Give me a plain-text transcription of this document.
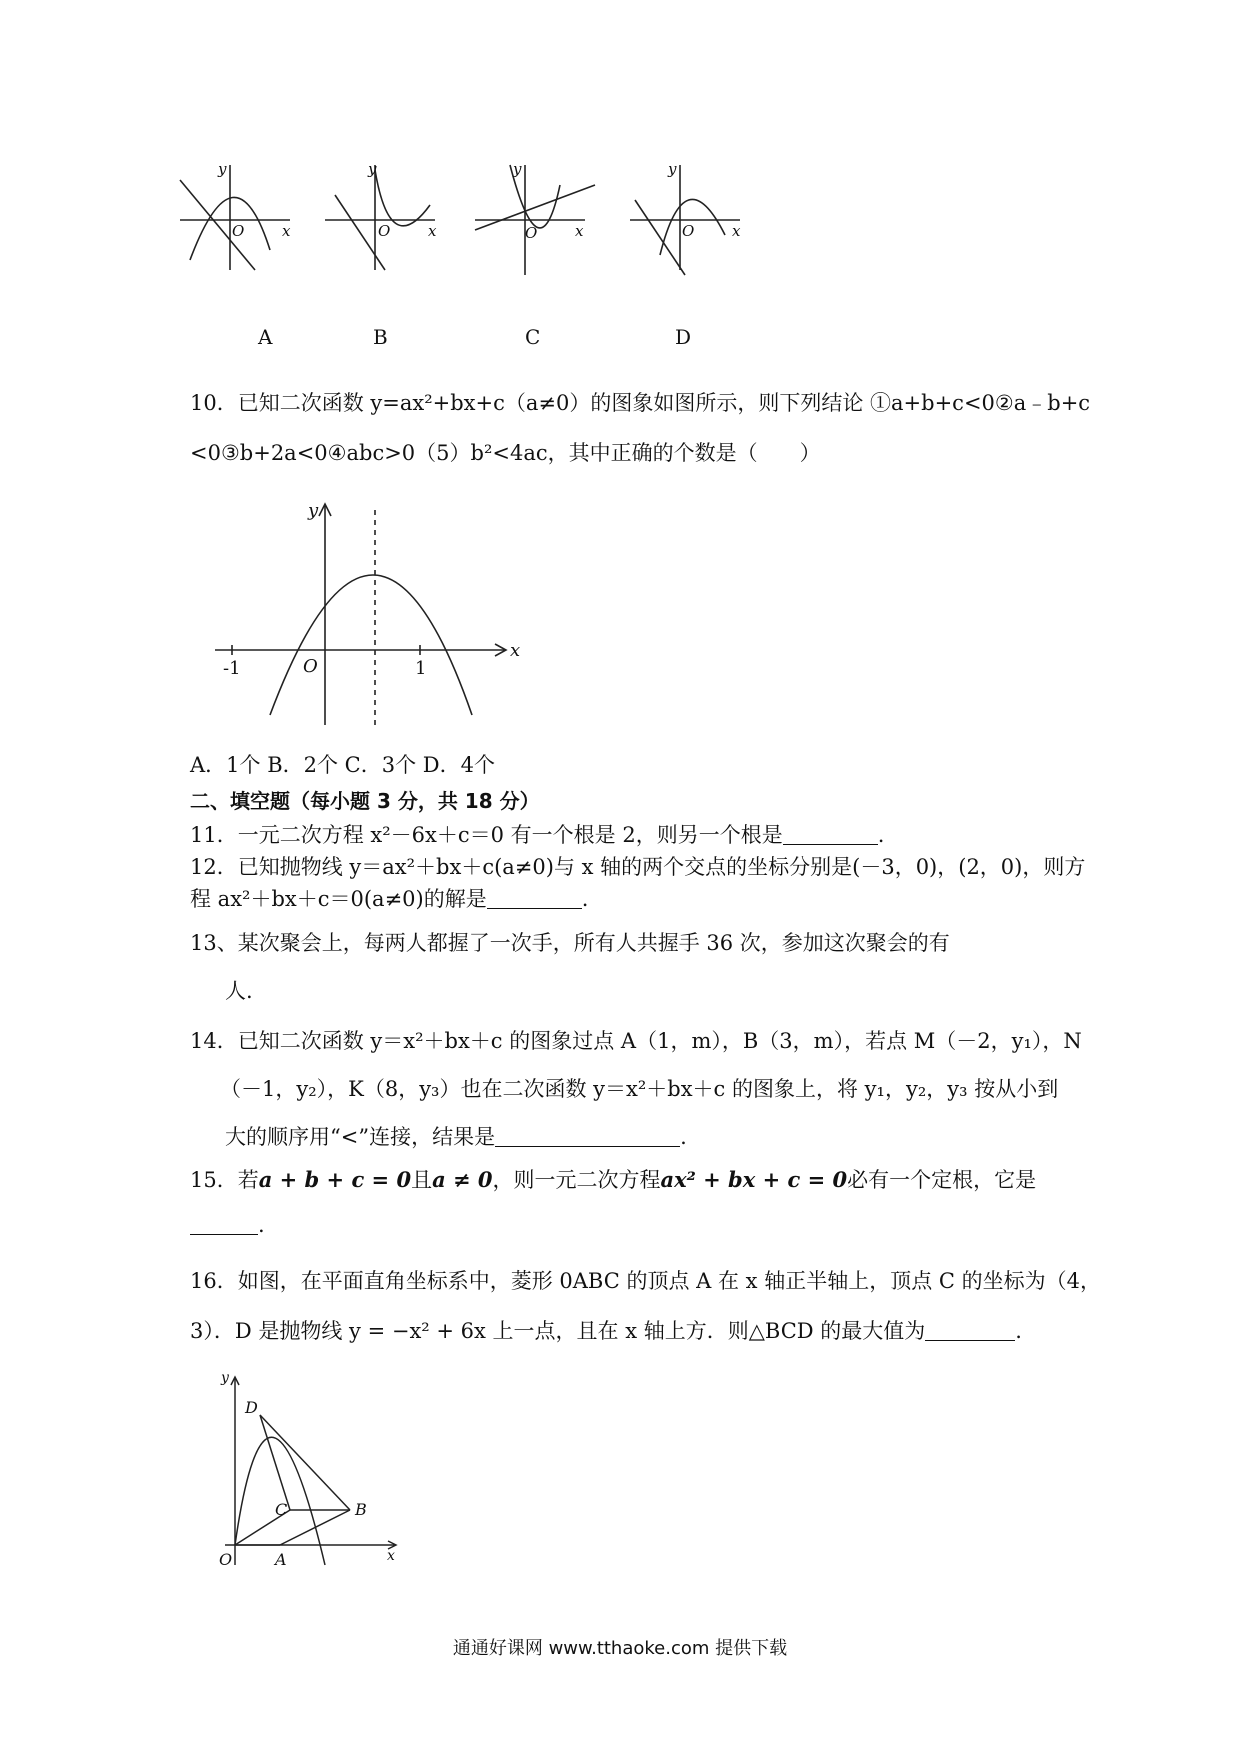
y
x
O
y
x
O
y
x
O
y
x
O
A	B	C	D
10．已知二次函数 y=ax²+bx+c（a≠0）的图象如图所示，则下列结论 ①a+b+c<0②a﹣b+c
<0③b+2a<0④abc>0（5）b²<4ac，其中正确的个数是（　　）
-1	1
O
x
y
A．1个 B．2个 C．3个 D．4个
二、填空题（每小题 3 分，共 18 分）
11．一元二次方程 x²－6x＋c＝0 有一个根是 2，则另一个根是	.
12．已知抛物线 y＝ax²＋bx＋c(a≠0)与 x 轴的两个交点的坐标分别是(－3，0)，(2，0)，则方
程 ax²＋bx＋c＝0(a≠0)的解是	.
13、某次聚会上，每两人都握了一次手，所有人共握手 36 次，参加这次聚会的有
人.
14．已知二次函数 y＝x²＋bx＋c 的图象过点 A（1，m），B（3，m），若点 M（－2，y₁），N
（－1，y₂），K（8，y₃）也在二次函数 y＝x²＋bx＋c 的图象上，将 y₁，y₂，y₃ 按从小到
大的顺序用“<”连接，结果是	.
15．若a + b + c = 0且a ≠ 0，则一元二次方程ax² + bx + c = 0必有一个定根，它是
.
16．如图，在平面直角坐标系中，菱形 0ABC 的顶点 A 在 x 轴正半轴上，顶点 C 的坐标为（4，
3）．D 是抛物线 y = −x² + 6x 上一点，且在 x 轴上方．则△BCD 的最大值为	.
D
C	B
A
O	x
y
通通好课网 www.tthaoke.com 提供下载
